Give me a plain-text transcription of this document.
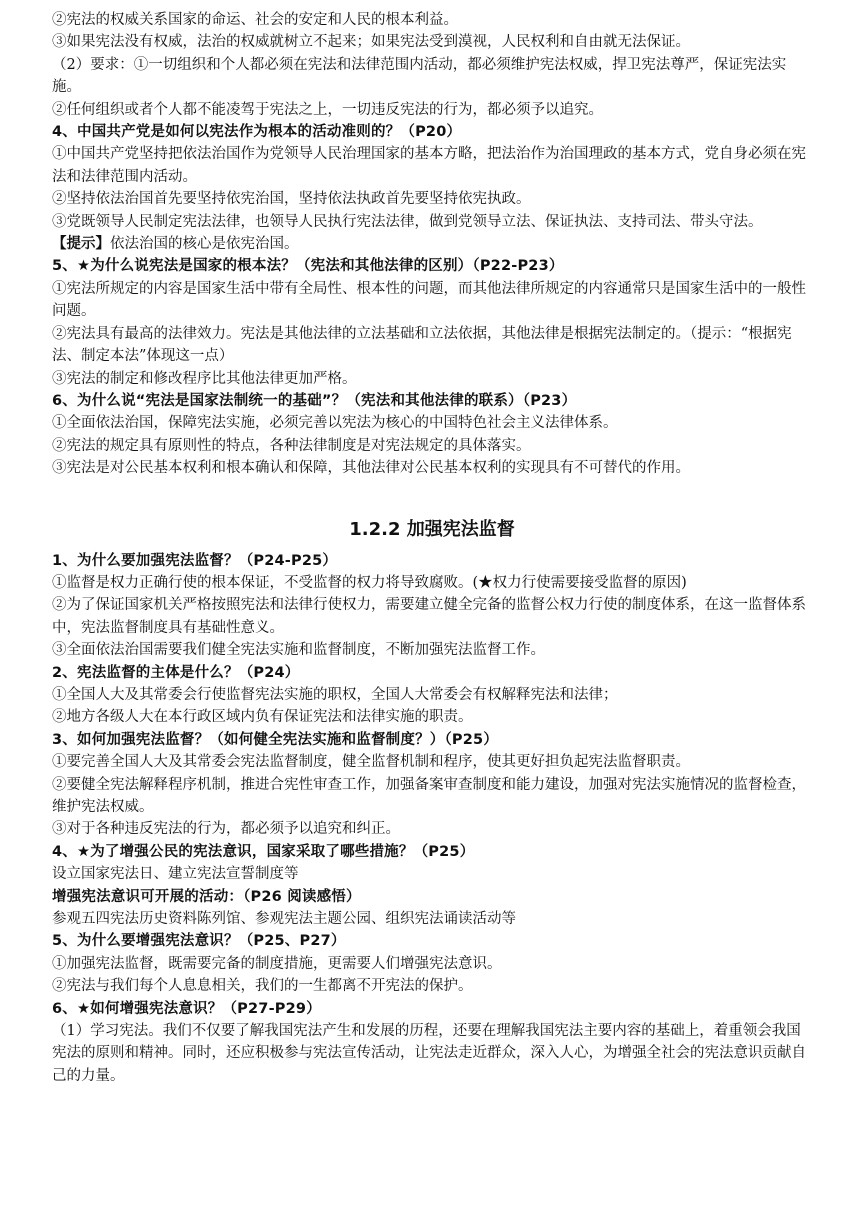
②宪法的权威关系国家的命运、社会的安定和人民的根本利益。

③如果宪法没有权威，法治的权威就树立不起来；如果宪法受到漠视，人民权利和自由就无法保证。

（2）要求：①一切组织和个人都必须在宪法和法律范围内活动，都必须维护宪法权威，捍卫宪法尊严，保证宪法实施。

②任何组织或者个人都不能凌驾于宪法之上，一切违反宪法的行为，都必须予以追究。

4、中国共产党是如何以宪法作为根本的活动准则的？（P20）

①中国共产党坚持把依法治国作为党领导人民治理国家的基本方略，把法治作为治国理政的基本方式，党自身必须在宪法和法律范围内活动。

②坚持依法治国首先要坚持依宪治国，坚持依法执政首先要坚持依宪执政。

③党既领导人民制定宪法法律，也领导人民执行宪法法律，做到党领导立法、保证执法、支持司法、带头守法。

【提示】依法治国的核心是依宪治国。

5、★为什么说宪法是国家的根本法？（宪法和其他法律的区别）（P22-P23）

①宪法所规定的内容是国家生活中带有全局性、根本性的问题，而其他法律所规定的内容通常只是国家生活中的一般性问题。

②宪法具有最高的法律效力。宪法是其他法律的立法基础和立法依据，其他法律是根据宪法制定的。（提示：“根据宪法、制定本法”体现这一点）

③宪法的制定和修改程序比其他法律更加严格。

6、为什么说“宪法是国家法制统一的基础”？（宪法和其他法律的联系）（P23）

①全面依法治国，保障宪法实施，必须完善以宪法为核心的中国特色社会主义法律体系。

②宪法的规定具有原则性的特点，各种法律制度是对宪法规定的具体落实。

③宪法是对公民基本权利和根本确认和保障，其他法律对公民基本权利的实现具有不可替代的作用。

1.2.2 加强宪法监督

1、为什么要加强宪法监督？（P24-P25）

①监督是权力正确行使的根本保证，不受监督的权力将导致腐败。(★权力行使需要接受监督的原因)

②为了保证国家机关严格按照宪法和法律行使权力，需要建立健全完备的监督公权力行使的制度体系，在这一监督体系中，宪法监督制度具有基础性意义。

③全面依法治国需要我们健全宪法实施和监督制度，不断加强宪法监督工作。

2、宪法监督的主体是什么？（P24）

①全国人大及其常委会行使监督宪法实施的职权，全国人大常委会有权解释宪法和法律；

②地方各级人大在本行政区域内负有保证宪法和法律实施的职责。

3、如何加强宪法监督？（如何健全宪法实施和监督制度？）（P25）

①要完善全国人大及其常委会宪法监督制度，健全监督机制和程序，使其更好担负起宪法监督职责。

②要健全宪法解释程序机制，推进合宪性审查工作，加强备案审查制度和能力建设，加强对宪法实施情况的监督检查，维护宪法权威。

③对于各种违反宪法的行为，都必须予以追究和纠正。

4、★为了增强公民的宪法意识，国家采取了哪些措施？（P25）

设立国家宪法日、建立宪法宣誓制度等

增强宪法意识可开展的活动：（P26 阅读感悟）

参观五四宪法历史资料陈列馆、参观宪法主题公园、组织宪法诵读活动等

5、为什么要增强宪法意识？（P25、P27）

①加强宪法监督，既需要完备的制度措施，更需要人们增强宪法意识。

②宪法与我们每个人息息相关，我们的一生都离不开宪法的保护。

6、★如何增强宪法意识？（P27-P29）

（1）学习宪法。我们不仅要了解我国宪法产生和发展的历程，还要在理解我国宪法主要内容的基础上，着重领会我国宪法的原则和精神。同时，还应积极参与宪法宣传活动，让宪法走近群众，深入人心，为增强全社会的宪法意识贡献自己的力量。
